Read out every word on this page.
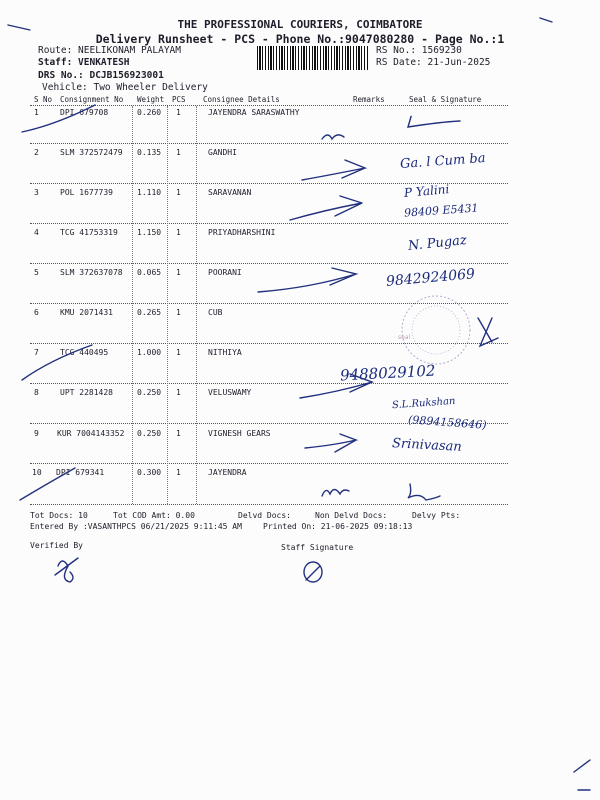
THE PROFESSIONAL COURIERS, COIMBATORE
Delivery Runsheet - PCS - Phone No.:9047080280 - Page No.:1
Route: NEELIKONAM PALAYAM
Staff: VENKATESH
DRS No.: DCJB156923001
Vehicle: Two Wheeler Delivery
RS No.: 1569230
RS Date: 21-Jun-2025
S No Consignment No Weight PCS Consignee Details	Remarks	Seal & Signature
1	DPI 679708	0.260 1	JAYENDRA SARASWATHY
2	SLM 372572479 0.135 1	GANDHI
3	POL 1677739	1.110 1	SARAVANAN
4	TCG 41753319 1.150 1	PRIYADHARSHINI
5	SLM 372637078 0.065 1	POORANI
6	KMU 2071431	0.265 1	CUB
7	TCG 440495	1.000 1	NITHIYA
8	UPT 2281428	0.250 1	VELUSWAMY
9 KUR 7004143352 0.250 1	VIGNESH GEARS
10 DPI 679341	0.300 1	JAYENDRA
Ga. l Cum ba
P Yalini
98409 E5431
N. Pugaz
9842924069
9488029102
S.L.Rukshan
(9894158646)
Srinivasan
seal
Tot Docs: 10	Tot COD Amt: 0.00	Delvd Docs:	Non Delvd Docs:	Delvy Pts:
Entered By :VASANTHPCS 06/21/2025 9:11:45 AM	Printed On: 21-06-2025 09:18:13
Verified By	Staff Signature
